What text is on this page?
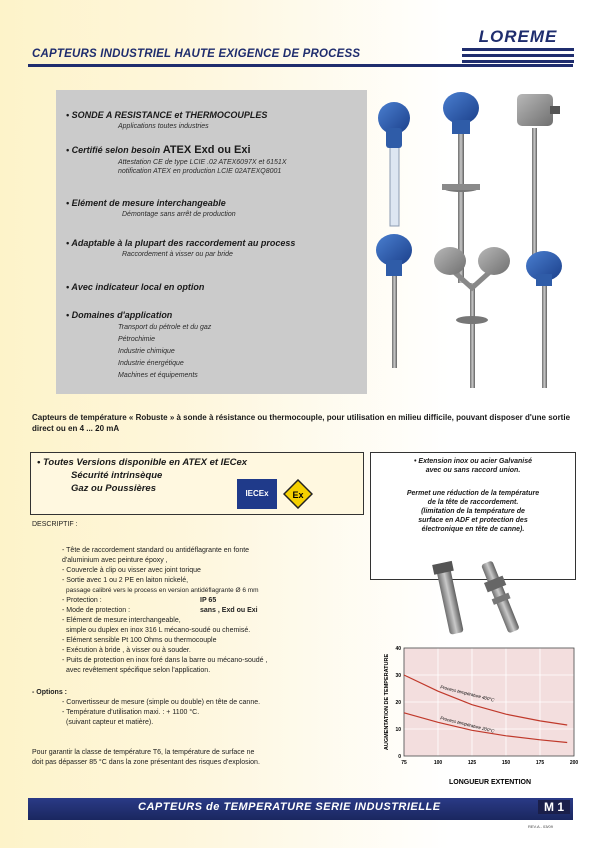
CAPTEURS INDUSTRIEL HAUTE EXIGENCE DE PROCESS
LOREME
• SONDE A RESISTANCE et THERMOCOUPLES
Applications toutes industries
• Certifié selon besoin ATEX Exd ou Exi
Attestation CE de type LCIE .02 ATEX6097X et 6151X
notification ATEX en production LCIE 02ATEXQ8001
• Elément de mesure interchangeable
Démontage sans arrêt de production
• Adaptable à la plupart des raccordement au process
Raccordement à visser ou par bride
• Avec indicateur local en option
• Domaines d'application
Transport du pétrole et du gaz
Pétrochimie
Industrie chimique
Industrie énergétique
Machines et équipements
Capteurs de température « Robuste » à sonde à résistance ou thermocouple, pour utilisation en milieu difficile, pouvant disposer d'une sortie direct ou en 4 ... 20 mA
• Toutes Versions disponible en ATEX et IECex
Sécurité intrinsèque
Gaz ou Poussières	IECEx	Ex
• Extension inox ou acier Galvanisé
avec ou sans raccord union.
Permet une réduction de la température
de la tête de raccordement.
(limitation de la température de
surface en ADF et protection des
électronique en tête de canne).
Process température 400°C
Process température 200°C
0
10
20
30
40
75	100	125	150	175	200
LONGUEUR EXTENTION
AUGMENTATION DE TEMPERATURE
DESCRIPTIF :
- Tête de raccordement standard ou antidéflagrante en fonte
d'aluminium avec peinture époxy ,
- Couvercle à clip ou visser avec joint torique
- Sortie avec 1 ou 2 PE en laiton nickelé,
passage calibré vers le process en version antidéflagrante Ø 6 mm
- Protection :	IP 65
- Mode de protection :	sans , Exd ou Exi
- Elément de mesure interchangeable,
simple ou duplex en inox 316 L mécano-soudé ou chemisé.
- Elément sensible Pt 100 Ohms ou thermocouple
- Exécution à bride , à visser ou à souder.
- Puits de protection en inox foré dans la barre ou mécano-soudé ,
avec revêtement spécifique selon l'application.
- Options :
- Convertisseur de mesure (simple ou double) en tête de canne.
- Température d'utilisation maxi. : + 1100 °C.
(suivant capteur et matière).
Pour garantir la classe de température T6, la température de surface ne
doit pas dépasser 85 °C dans la zone présentant des risques d'explosion.
CAPTEURS de TEMPERATURE SERIE INDUSTRIELLE	M 1
REV.A - 03/09
